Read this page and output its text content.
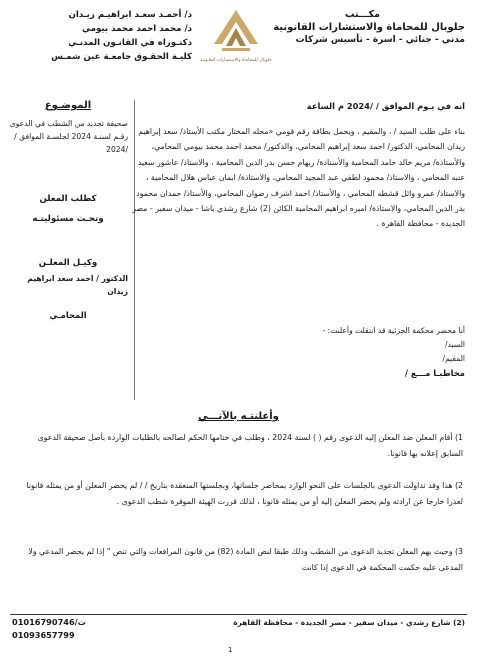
جلوبال للمحاماة والاستشارات القانونية
مكـــتب
جلوبال للمحاماة والاستشارات القانونية
مدني - جنائي - اسرة - تأسيس شركات
د/ أحمـد سعـد ابراهيـم زيـدان
د/ محمد احمد محمد بيومي
دكتـوراه في القانـون المدنـي
كليـة الحقـوق جامعـة عين شمـس
الموضـوع
صحيفة تجديد من الشطب في الدعوى رقـم لسنـة 2024 لجلسـة الموافق / /2024
كطلب المعلن
وتحـت مسئوليتـه
وكيـل المعلـن
الدكتور / احمد سعد ابراهيم زيدان
المحامـي
انه في يـوم الموافق / /2024 م الساعة
بناء على طلب السيد / ، والمقيم ، ويحمل بطاقة رقم قومي «محله المختار مكتب الأستاذ/ سعد إبراهيم زيدان المحامي، الدكتور/ احمد سعد إبراهيم المحامي، والدكتور/ محمد احمد محمد بيومي المحامي، والأستاذة/ مريم خالد حامد المحامية والأستاذة/ ريهام حسن بدر الدين المحامية ، والاستاذ/ عاشور سعيد عنبه المحامي ، والاستاذ/ محمود لطفي عبد المجيد المحامي، والاستاذة/ ايمان عباس هلال المحامية ، والاستاذ/ عمرو وائل قشطه المحامي ، والأستاذ/ احمد اشرف رضوان المحامي، والأستاذ/ حمدان محمود بدر الدين المحامي، والاستاذة/ اميره ابراهيم المحامية الكائن (2) شارع رشدي باشا - ميدان سفير - مصر الجديدة - محافظة القاهرة .
أنا محضر محكمة الجزئية قد انتقلت وأعلنت: -
السيد/
المقيم/
مخاطبـا مـــع /
وأعلنتـه بالآتـــي
1) أقام المعلن ضد المعلن إليه الدعوى رقم ( ) لسنة 2024 ، وطلب في ختامها الحكم لصالحه بالطلبات الواردة بأصل صحيفة الدعوى السابق إعلانه بها قانونا.
2) هذا وقد تداولت الدعوى بالجلسات على النحو الوارد بمحاضر جلساتها، وبجلستها المنعقدة بتاريخ / / لم يحضر المعلن أو من يمثله قانونا لعذرا خارجا عن ارادته ولم يحضر المعلن إليه أو من يمثله قانونا ، لذلك قررت الهيئة الموقرة شطب الدعوى .
3) وحيث يهم المعلن تجديد الدعوى من الشطب وذلك طبقا لنص المادة (82) من قانون المرافعات والتي تنص " إذا لم يحضر المدعي ولا المدعى عليه حكمت المحكمة في الدعوى إذا كانت
01016790746/ت
01093657799
(2) شارع رشدي - ميدان سفير - مصر الجديدة - محافظة القاهرة
1
